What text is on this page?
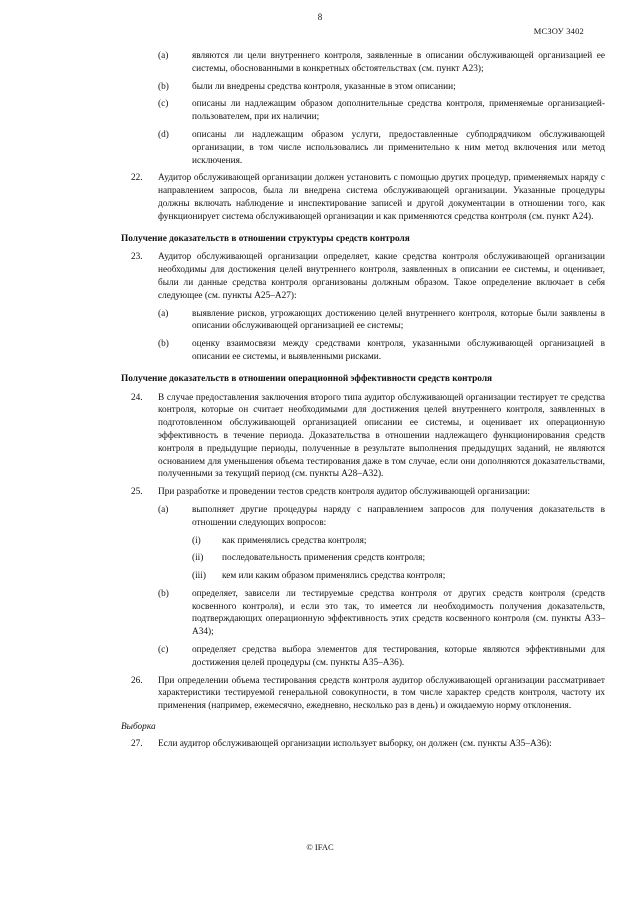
8
МСЗОУ 3402
(a)	являются ли цели внутреннего контроля, заявленные в описании обслуживающей организацией ее системы, обоснованными в конкретных обстоятельствах (см. пункт A23);
(b) были ли внедрены средства контроля, указанные в этом описании;
(c)	описаны ли надлежащим образом дополнительные средства контроля, применяемые организацией-пользователем, при их наличии;
(d) описаны ли надлежащим образом услуги, предоставленные субподрядчиком обслуживающей организации, в том числе использовались ли применительно к ним метод включения или метод исключения.
22. Аудитор обслуживающей организации должен установить с помощью других процедур, применяемых наряду с направлением запросов, была ли внедрена система обслуживающей организации. Указанные процедуры должны включать наблюдение и инспектирование записей и другой документации в отношении того, как функционирует система обслуживающей организации и как применяются средства контроля (см. пункт A24).
Получение доказательств в отношении структуры средств контроля
23. Аудитор обслуживающей организации определяет, какие средства контроля обслуживающей организации необходимы для достижения целей внутреннего контроля, заявленных в описании ее системы, и оценивает, были ли данные средства контроля организованы должным образом. Такое определение включает в себя следующее (см. пункты A25–A27):
(a)	выявление рисков, угрожающих достижению целей внутреннего контроля, которые были заявлены в описании обслуживающей организацией ее системы;
(b) оценку взаимосвязи между средствами контроля, указанными обслуживающей организацией в описании ее системы, и выявленными рисками.
Получение доказательств в отношении операционной эффективности средств контроля
24. В случае предоставления заключения второго типа аудитор обслуживающей организации тестирует те средства контроля, которые он считает необходимыми для достижения целей внутреннего контроля, заявленных в подготовленном обслуживающей организацией описании ее системы, и оценивает их операционную эффективность в течение периода. Доказательства в отношении надлежащего функционирования средств контроля в предыдущие периоды, полученные в результате выполнения предыдущих заданий, не являются основанием для уменьшения объема тестирования даже в том случае, если они дополняются доказательствами, полученными за текущий период (см. пункты A28–A32).
25. При разработке и проведении тестов средств контроля аудитор обслуживающей организации:
(a)	выполняет другие процедуры наряду с направлением запросов для получения доказательств в отношении следующих вопросов:
(i) как применялись средства контроля;
(ii) последовательность применения средств контроля;
(iii) кем или каким образом применялись средства контроля;
(b) определяет, зависели ли тестируемые средства контроля от других средств контроля (средств косвенного контроля), и если это так, то имеется ли необходимость получения доказательств, подтверждающих операционную эффективность этих средств косвенного контроля (см. пункты A33–A34);
(c)	определяет средства выбора элементов для тестирования, которые являются эффективными для достижения целей процедуры (см. пункты A35–A36).
26. При определении объема тестирования средств контроля аудитор обслуживающей организации рассматривает характеристики тестируемой генеральной совокупности, в том числе характер средств контроля, частоту их применения (например, ежемесячно, ежедневно, несколько раз в день) и ожидаемую норму отклонения.
Выборка
27. Если аудитор обслуживающей организации использует выборку, он должен (см. пункты A35–A36):
© IFAC
